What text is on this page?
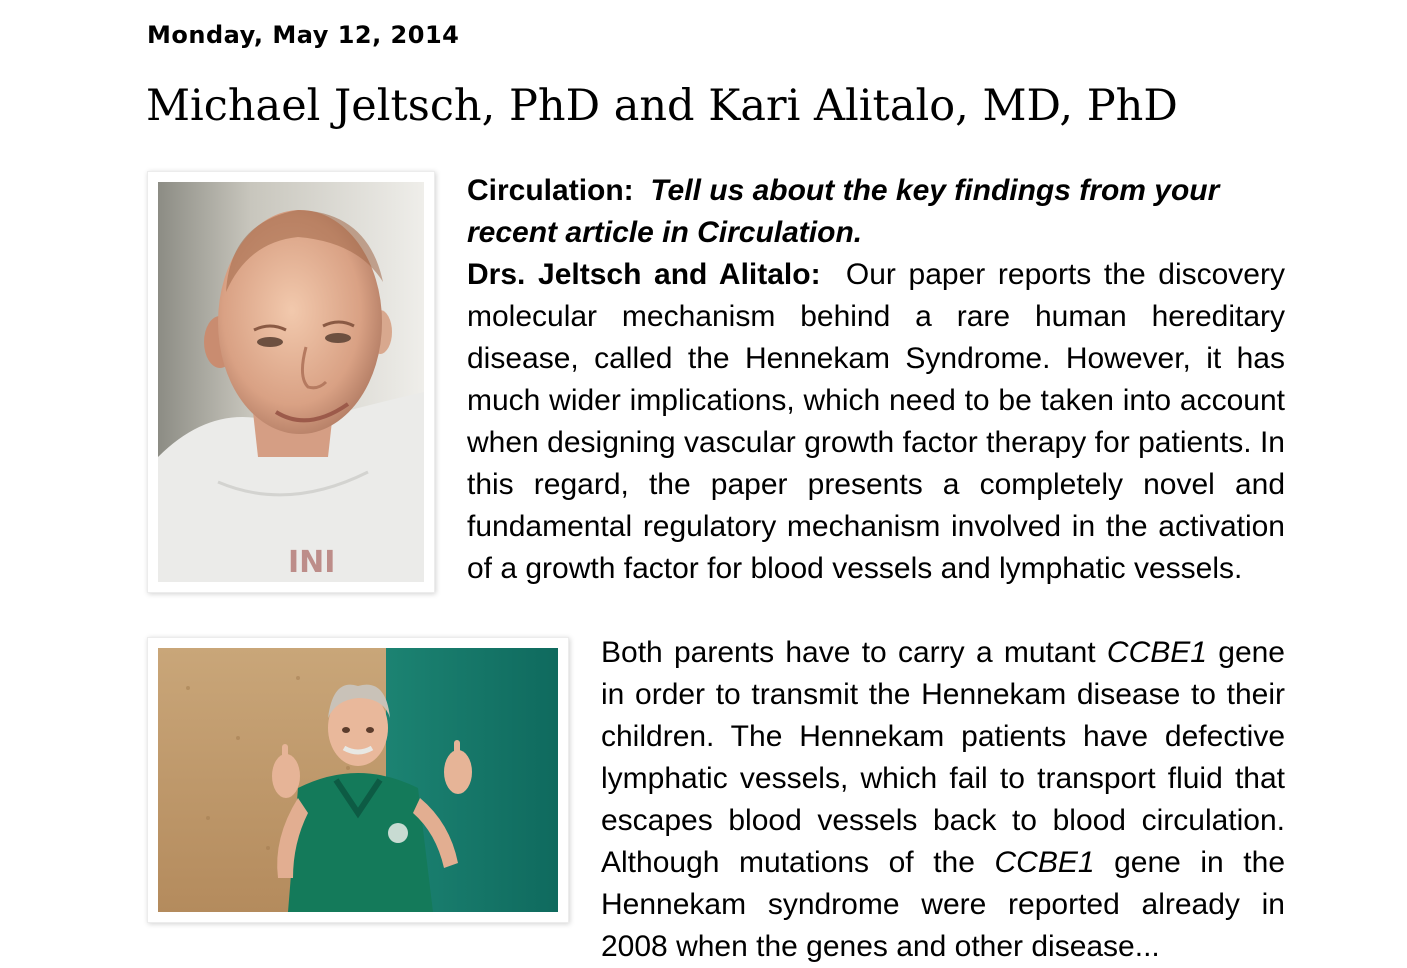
Monday, May 12, 2014
Michael Jeltsch, PhD and Kari Alitalo, MD, PhD
INI

Circulation: Tell us about the key findings from your recent article in Circulation.

Drs. Jeltsch and Alitalo: Our paper reports the discovery molecular mechanism behind a rare human hereditary disease, called the Hennekam Syndrome. However, it has much wider implications, which need to be taken into account when designing vascular growth factor therapy for patients. In this regard, the paper presents a completely novel and fundamental regulatory mechanism involved in the activation of a growth factor for blood vessels and lymphatic vessels.

Both parents have to carry a mutant CCBE1 gene in order to transmit the Hennekam disease to their children. The Hennekam patients have defective lymphatic vessels, which fail to transport fluid that escapes blood vessels back to blood circulation. Although mutations of the CCBE1 gene in the Hennekam syndrome were reported already in 2008 when the genes and other disease...
